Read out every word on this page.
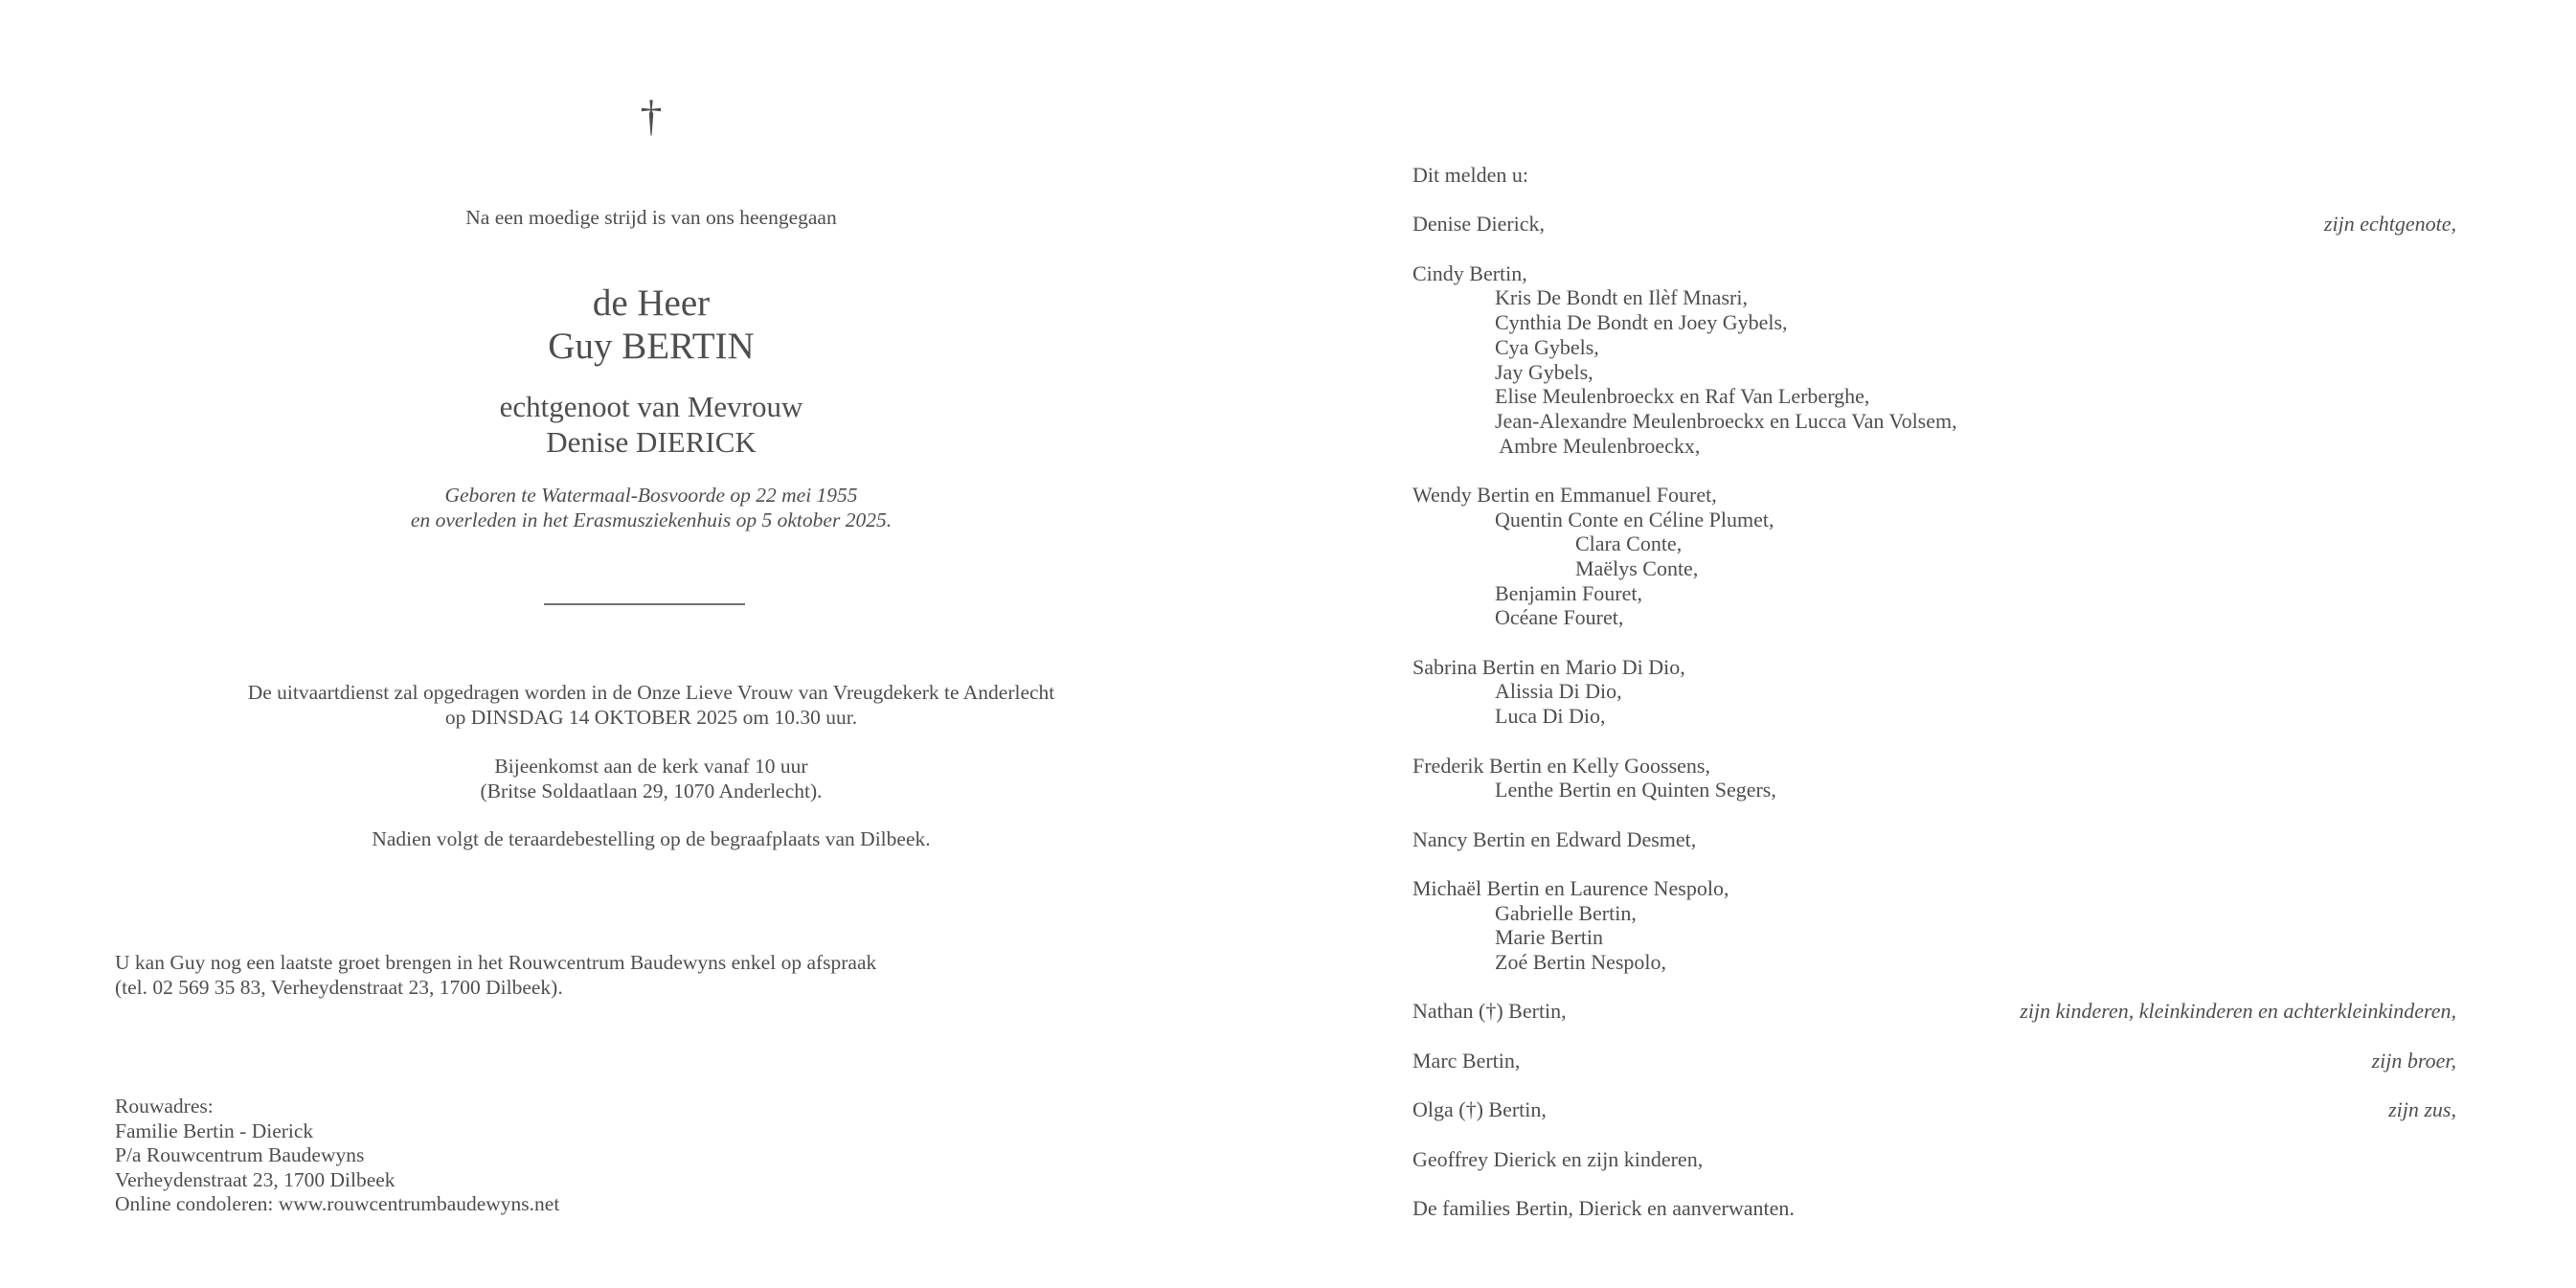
†
Na een moedige strijd is van ons heengegaan
de Heer
Guy BERTIN
echtgenoot van Mevrouw
Denise DIERICK
Geboren te Watermaal-Bosvoorde op 22 mei 1955
en overleden in het Erasmusziekenhuis op 5 oktober 2025.
De uitvaartdienst zal opgedragen worden in de Onze Lieve Vrouw van Vreugdekerk te Anderlecht
op DINSDAG 14 OKTOBER 2025 om 10.30 uur.
Bijeenkomst aan de kerk vanaf 10 uur
(Britse Soldaatlaan 29, 1070 Anderlecht).
Nadien volgt de teraardebestelling op de begraafplaats van Dilbeek.
U kan Guy nog een laatste groet brengen in het Rouwcentrum Baudewyns enkel op afspraak
(tel. 02 569 35 83, Verheydenstraat 23, 1700 Dilbeek).
Rouwadres:
Familie Bertin - Dierick
P/a Rouwcentrum Baudewyns
Verheydenstraat 23, 1700 Dilbeek
Online condoleren: www.rouwcentrumbaudewyns.net
Dit melden u:
Denise Dierick,	zijn echtgenote,
Cindy Bertin,
Kris De Bondt en Ilèf Mnasri,
Cynthia De Bondt en Joey Gybels,
Cya Gybels,
Jay Gybels,
Elise Meulenbroeckx en Raf Van Lerberghe,
Jean-Alexandre Meulenbroeckx en Lucca Van Volsem,
Ambre Meulenbroeckx,
Wendy Bertin en Emmanuel Fouret,
Quentin Conte en Céline Plumet,
Clara Conte,
Maëlys Conte,
Benjamin Fouret,
Océane Fouret,
Sabrina Bertin en Mario Di Dio,
Alissia Di Dio,
Luca Di Dio,
Frederik Bertin en Kelly Goossens,
Lenthe Bertin en Quinten Segers,
Nancy Bertin en Edward Desmet,
Michaël Bertin en Laurence Nespolo,
Gabrielle Bertin,
Marie Bertin
Zoé Bertin Nespolo,
Nathan (†) Bertin,	zijn kinderen, kleinkinderen en achterkleinkinderen,
Marc Bertin,	zijn broer,
Olga (†) Bertin,	zijn zus,
Geoffrey Dierick en zijn kinderen,
De families Bertin, Dierick en aanverwanten.
